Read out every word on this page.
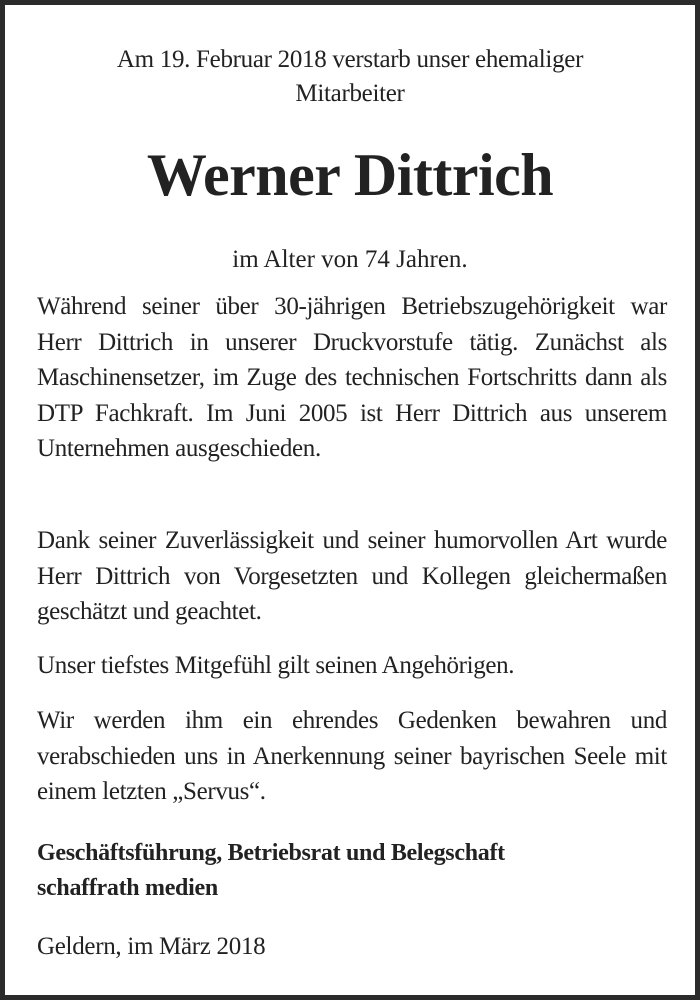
Am 19. Februar 2018 verstarb unser ehemaliger
Mitarbeiter
Werner Dittrich
im Alter von 74 Jahren.

Während seiner über 30-jährigen Betriebszugehörigkeit war Herr Dittrich in unserer Druckvorstufe tätig. Zunächst als Maschinensetzer, im Zuge des technischen Fortschritts dann als DTP Fachkraft. Im Juni 2005 ist Herr Dittrich aus unserem Unternehmen ausgeschieden.

Dank seiner Zuverlässigkeit und seiner humorvollen Art wurde Herr Dittrich von Vorgesetzten und Kollegen gleichermaßen geschätzt und geachtet.

Unser tiefstes Mitgefühl gilt seinen Angehörigen.

Wir werden ihm ein ehrendes Gedenken bewahren und verabschieden uns in Anerkennung seiner bayrischen Seele mit einem letzten „Servus“.

Geschäftsführung, Betriebsrat und Belegschaft
schaffrath medien
Geldern, im März 2018
